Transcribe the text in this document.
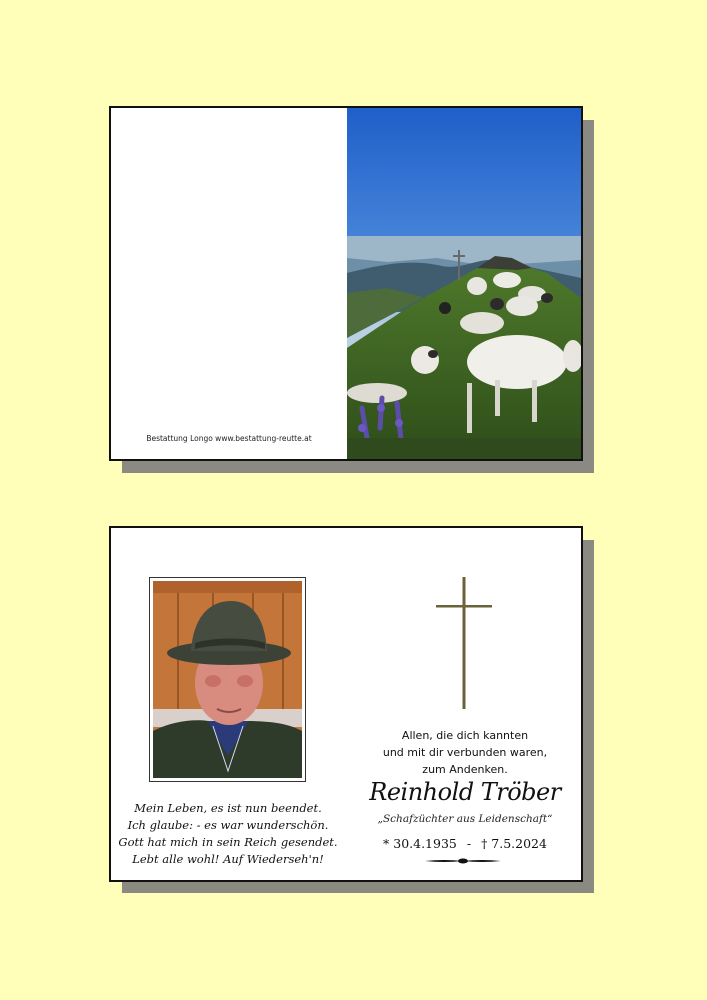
Bestattung Longo www.bestattung-reutte.at
Mein Leben, es ist nun beendet.
Ich glaube: - es war wunderschön.
Gott hat mich in sein Reich gesendet.
Lebt alle wohl! Auf Wiederseh'n!
Allen, die dich kannten
und mit dir verbunden waren,
zum Andenken.
Reinhold Tröber
„Schafzüchter aus Leidenschaft“
* 30.4.1935 - † 7.5.2024
